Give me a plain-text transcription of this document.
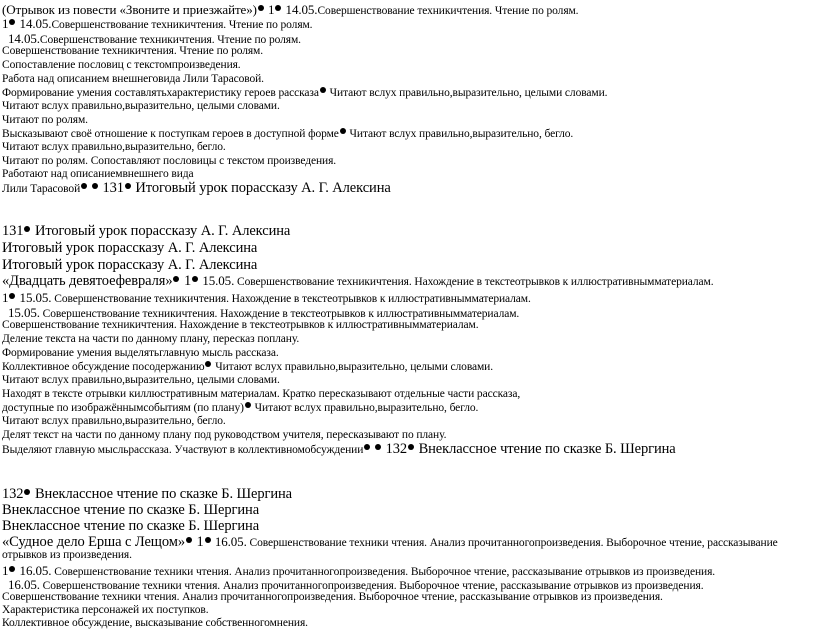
(Отрывок из повести «Звоните и приезжайте») 1 14.05.Совершенствование техникичтения. Чтение по ролям.
1 14.05.Совершенствование техникичтения. Чтение по ролям.
14.05.Совершенствование техникичтения. Чтение по ролям.
Совершенствование техникичтения. Чтение по ролям.
Сопоставление пословиц с текстомпроизведения.
Работа над описанием внешнеговида Лили Тарасовой.
Формирование умения составлятьхарактеристику героев рассказа Читают вслух правильно,выразительно, целыми словами.
Читают вслух правильно,выразительно, целыми словами.
Читают по ролям.
Высказывают своё отношение к поступкам героев в доступной форме Читают вслух правильно,выразительно, бегло.
Читают вслух правильно,выразительно, бегло.
Читают по ролям. Сопоставляют пословицы с текстом произведения.
Работают над описаниемвнешнего вида
Лили Тарасовой  131 Итоговый урок порассказу А. Г. Алексина
131 Итоговый урок порассказу А. Г. Алексина
Итоговый урок порассказу А. Г. Алексина
Итоговый урок порассказу А. Г. Алексина
«Двадцать девятоефевраля» 1 15.05. Совершенствование техникичтения. Нахождение в текстеотрывков к иллюстративнымматериалам.
1 15.05. Совершенствование техникичтения. Нахождение в текстеотрывков к иллюстративнымматериалам.
15.05. Совершенствование техникичтения. Нахождение в текстеотрывков к иллюстративнымматериалам.
Совершенствование техникичтения. Нахождение в текстеотрывков к иллюстративнымматериалам.
Деление текста на части по данному плану, пересказ поплану.
Формирование умения выделятьглавную мысль рассказа.
Коллективное обсуждение посодержанию Читают вслух правильно,выразительно, целыми словами.
Читают вслух правильно,выразительно, целыми словами.
Находят в тексте отрывки киллюстративным материалам. Кратко пересказывают отдельные части рассказа,
доступные по изображённымсобытиям (по плану) Читают вслух правильно,выразительно, бегло.
Читают вслух правильно,выразительно, бегло.
Делят текст на части по данному плану под руководством учителя, пересказывают по плану.
Выделяют главную мысльрассказа. Участвуют в коллективномобсуждении  132 Внеклассное чтение по сказке Б. Шергина
132 Внеклассное чтение по сказке Б. Шергина
Внеклассное чтение по сказке Б. Шергина
Внеклассное чтение по сказке Б. Шергина
«Судное дело Ерша с Лещом» 1 16.05. Совершенствование техники чтения. Анализ прочитанногопроизведения. Выборочное чтение, рассказывание
отрывков из произведения.
1 16.05. Совершенствование техники чтения. Анализ прочитанногопроизведения. Выборочное чтение, рассказывание отрывков из произведения.
16.05. Совершенствование техники чтения. Анализ прочитанногопроизведения. Выборочное чтение, рассказывание отрывков из произведения.
Совершенствование техники чтения. Анализ прочитанногопроизведения. Выборочное чтение, рассказывание отрывков из произведения.
Характеристика персонажей их поступков.
Коллективное обсуждение, высказывание собственногомнения.
